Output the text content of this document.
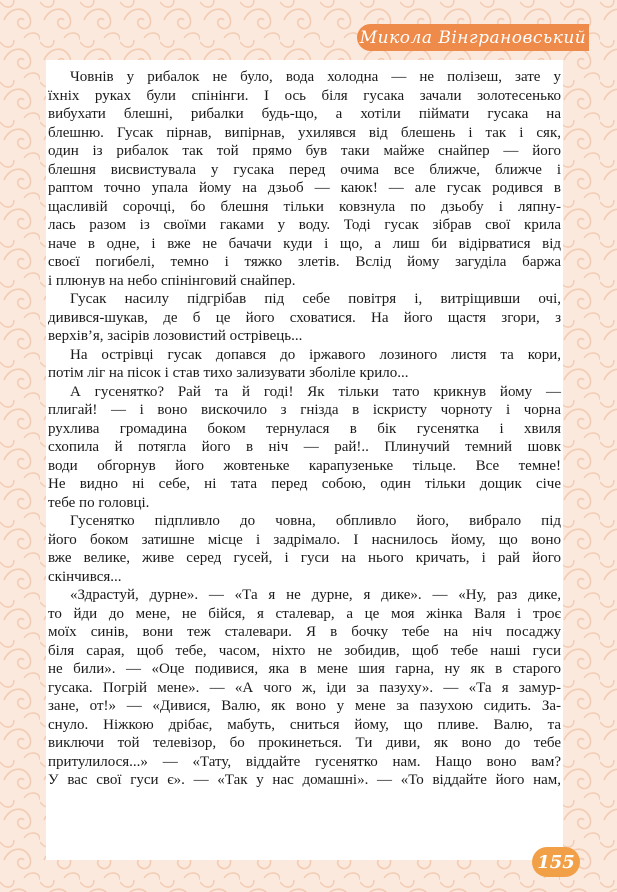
Микола Вінграновський
Човнів у рибалок не було, вода холодна — не полізеш, зате у
їхніх руках були спінінги. І ось біля гусака зачали золотесенько
вибухати блешні, рибалки будь-що, а хотіли піймати гусака на
блешню. Гусак пірнав, випірнав, ухилявся від блешень і так і сяк,
один із рибалок так той прямо був таки майже снайпер — його
блешня висвистувала у гусака перед очима все ближче, ближче і
раптом точно упала йому на дзьоб — каюк! — але гусак родився в
щасливій сорочці, бо блешня тільки ковзнула по дзьобу і ляпну-
лась разом із своїми гаками у воду. Тоді гусак зібрав свої крила
наче в одне, і вже не бачачи куди і що, а лиш би відірватися від
своєї погибелі, темно і тяжко злетів. Вслід йому загуділа баржа
і плюнув на небо спінінговий снайпер.
Гусак насилу підгрібав під себе повітря і, витріщивши очі,
дивився-шукав, де б це його сховатися. На його щастя згори, з
верхів’я, засірів лозовистий острівець...
На острівці гусак допався до іржавого лозиного листя та кори,
потім ліг на пісок і став тихо зализувати зболіле крило...
А гусенятко? Рай та й годі! Як тільки тато крикнув йому —
плигай! — і воно вискочило з гнізда в іскристу чорноту і чорна
рухлива громадина боком тернулася в бік гусенятка і хвиля
схопила й потягла його в ніч — рай!.. Плинучий темний шовк
води обгорнув його жовтеньке карапузеньке тільце. Все темне!
Не видно ні себе, ні тата перед собою, один тільки дощик січе
тебе по головці.
Гусенятко підпливло до човна, обпливло його, вибрало під
його боком затишне місце і задрімало. І наснилось йому, що воно
вже велике, живе серед гусей, і гуси на нього кричать, і рай його
скінчився...
«Здрастуй, дурне». — «Та я не дурне, я дике». — «Ну, раз дике,
то йди до мене, не бійся, я сталевар, а це моя жінка Валя і троє
моїх синів, вони теж сталевари. Я в бочку тебе на ніч посаджу
біля сарая, щоб тебе, часом, ніхто не зобидив, щоб тебе наші гуси
не били». — «Оце подивися, яка в мене шия гарна, ну як в старого
гусака. Погрій мене». — «А чого ж, іди за пазуху». — «Та я замур-
зане, от!» — «Дивися, Валю, як воно у мене за пазухою сидить. За-
снуло. Ніжкою дрібає, мабуть, сниться йому, що пливе. Валю, та
виключи той телевізор, бо прокинеться. Ти диви, як воно до тебе
притулилося...» — «Тату, віддайте гусенятко нам. Нащо воно вам?
У вас свої гуси є». — «Так у нас домашні». — «То віддайте його нам,
155
